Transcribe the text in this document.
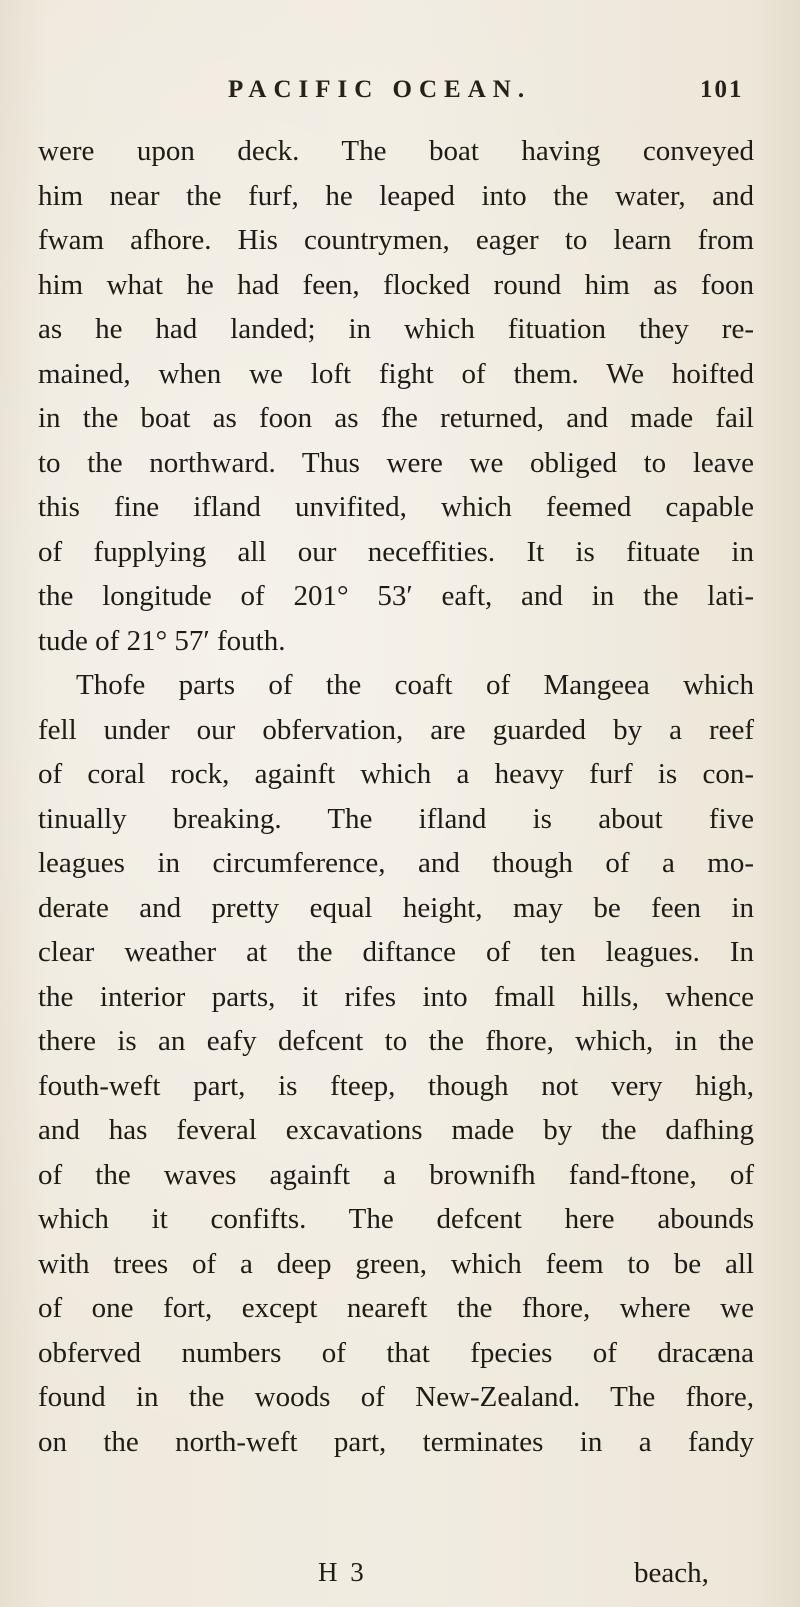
PACIFIC OCEAN.	101
were upon deck. The boat having conveyed
him near the furf, he leaped into the water, and
fwam afhore. His countrymen, eager to learn from
him what he had feen, flocked round him as foon
as he had landed; in which fituation they re-
mained, when we loft fight of them. We hoifted
in the boat as foon as fhe returned, and made fail
to the northward. Thus were we obliged to leave
this fine ifland unvifited, which feemed capable
of fupplying all our neceffities. It is fituate in
the longitude of 201° 53′ eaft, and in the lati-
tude of 21° 57′ fouth.
Thofe parts of the coaft of Mangeea which
fell under our obfervation, are guarded by a reef
of coral rock, againft which a heavy furf is con-
tinually breaking. The ifland is about five
leagues in circumference, and though of a mo-
derate and pretty equal height, may be feen in
clear weather at the diftance of ten leagues. In
the interior parts, it rifes into fmall hills, whence
there is an eafy defcent to the fhore, which, in the
fouth-weft part, is fteep, though not very high,
and has feveral excavations made by the dafhing
of the waves againft a brownifh fand-ftone, of
which it confifts. The defcent here abounds
with trees of a deep green, which feem to be all
of one fort, except neareft the fhore, where we
obferved numbers of that fpecies of dracæna
found in the woods of New-Zealand. The fhore,
on the north-weft part, terminates in a fandy
H 3	beach,
